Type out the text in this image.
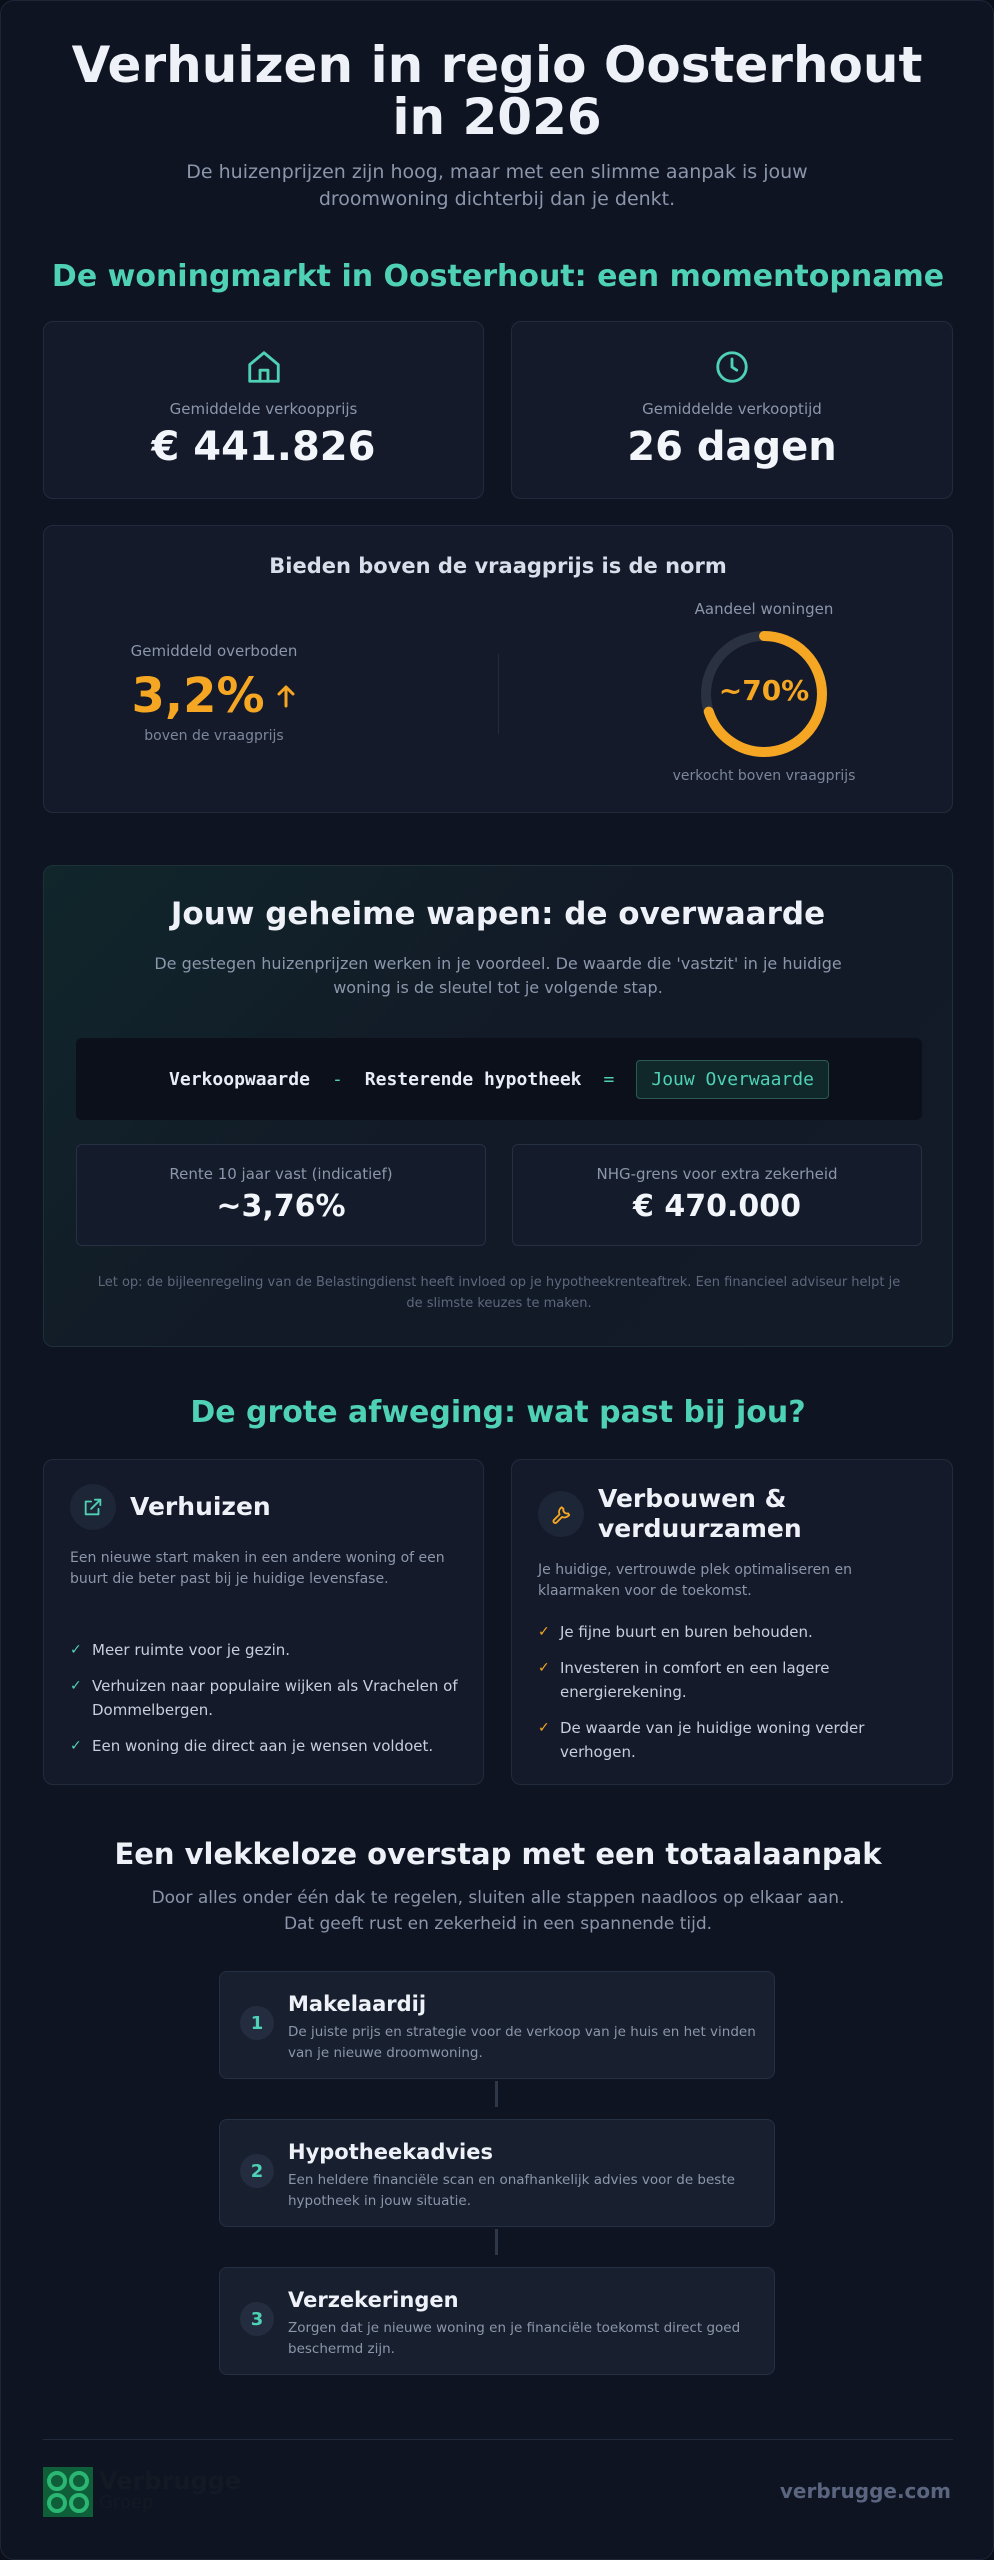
Verhuizen in regio Oosterhout in 2026

De huizenprijzen zijn hoog, maar met een slimme aanpak is jouw droomwoning dichterbij dan je denkt.

De woningmarkt in Oosterhout: een momentopname
Gemiddelde verkoopprijs
€ 441.826
Gemiddelde verkooptijd
26 dagen
Bieden boven de vraagprijs is de norm
Gemiddeld overboden
3,2%
boven de vraagprijs
Aandeel woningen
~70%
verkocht boven vraagprijs
Jouw geheime wapen: de overwaarde
De gestegen huizenprijzen werken in je voordeel. De waarde die 'vastzit' in je huidige woning is de sleutel tot je volgende stap.
Verkoopwaarde - Resterende hypotheek =	Jouw Overwaarde
Rente 10 jaar vast (indicatief)
~3,76%
NHG-grens voor extra zekerheid
€ 470.000
Let op: de bijleenregeling van de Belastingdienst heeft invloed op je hypotheekrenteaftrek. Een financieel adviseur helpt je de slimste keuzes te maken.
De grote afweging: wat past bij jou?
Verhuizen
Een nieuwe start maken in een andere woning of een buurt die beter past bij je huidige levensfase.
✓ Meer ruimte voor je gezin.
✓ Verhuizen naar populaire wijken als Vrachelen of Dommelbergen.
✓ Een woning die direct aan je wensen voldoet.
Verbouwen & verduurzamen
Je huidige, vertrouwde plek optimaliseren en klaarmaken voor de toekomst.
✓ Je fijne buurt en buren behouden.
✓ Investeren in comfort en een lagere energierekening.
✓ De waarde van je huidige woning verder verhogen.
Een vlekkeloze overstap met een totaalaanpak
Door alles onder één dak te regelen, sluiten alle stappen naadloos op elkaar aan. Dat geeft rust en zekerheid in een spannende tijd.
1
Makelaardij
De juiste prijs en strategie voor de verkoop van je huis en het vinden van je nieuwe droomwoning.
2
Hypotheekadvies
Een heldere financiële scan en onafhankelijk advies voor de beste hypotheek in jouw situatie.
3
Verzekeringen
Zorgen dat je nieuwe woning en je financiële toekomst direct goed beschermd zijn.
Verbrugge
Groep	verbrugge.com
